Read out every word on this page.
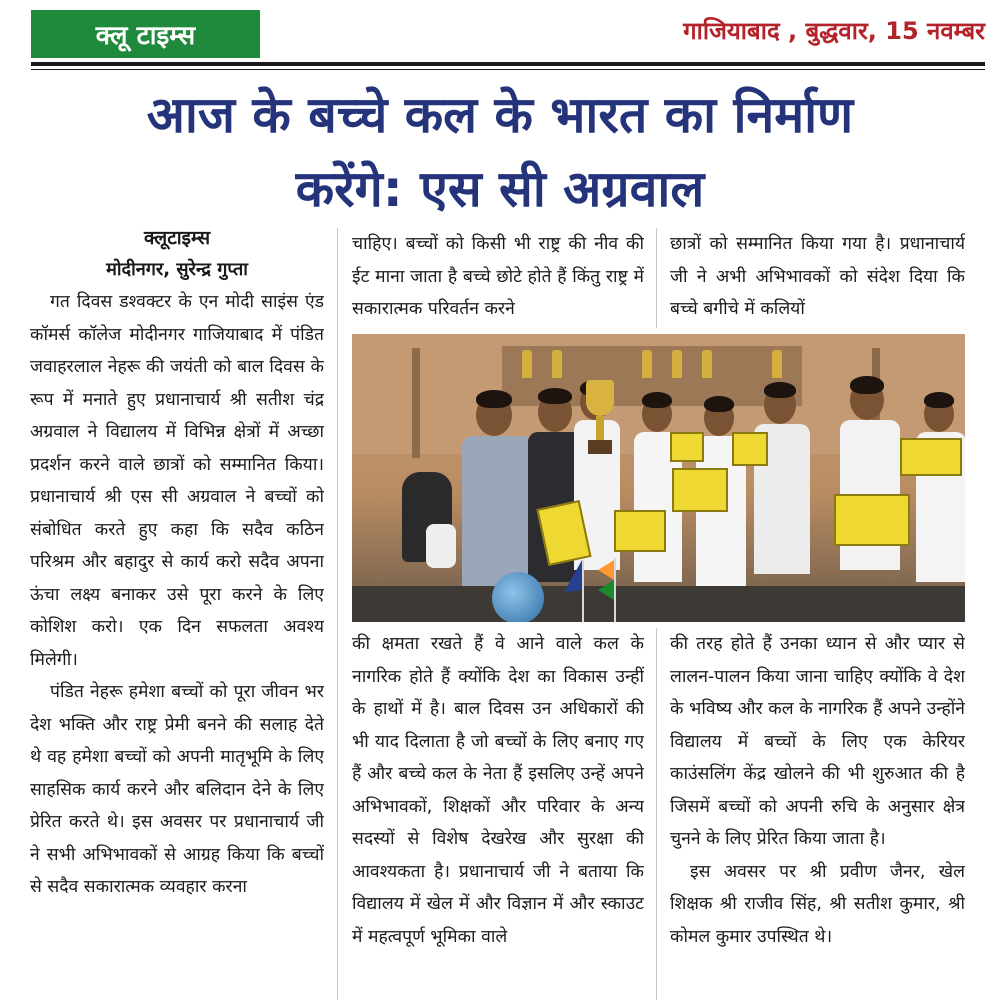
क्लू टाइम्स	गाजियाबाद , बुद्धवार, 15 नवम्बर
आज के बच्चे कल के भारत का निर्माण
करेंगे: एस सी अग्रवाल
क्लूटाइम्स
मोदीनगर, सुरेन्द्र गुप्ता

गत दिवस डश्वक्टर के एन मोदी साइंस एंड कॉमर्स कॉलेज मोदीनगर गाजियाबाद में पंडित जवाहरलाल नेहरू की जयंती को बाल दिवस के रूप में मनाते हुए प्रधानाचार्य श्री सतीश चंद्र अग्रवाल ने विद्यालय में विभिन्न क्षेत्रों में अच्छा प्रदर्शन करने वाले छात्रों को सम्मानित किया। प्रधानाचार्य श्री एस सी अग्रवाल ने बच्चों को संबोधित करते हुए कहा कि सदैव कठिन परिश्रम और बहादुर से कार्य करो सदैव अपना ऊंचा लक्ष्य बनाकर उसे पूरा करने के लिए कोशिश करो। एक दिन सफलता अवश्य मिलेगी।

पंडित नेहरू हमेशा बच्चों को पूरा जीवन भर देश भक्ति और राष्ट्र प्रेमी बनने की सलाह देते थे वह हमेशा बच्चों को अपनी मातृभूमि के लिए साहसिक कार्य करने और बलिदान देने के लिए प्रेरित करते थे। इस अवसर पर प्रधानाचार्य जी ने सभी अभिभावकों से आग्रह किया कि बच्चों से सदैव सकारात्मक व्यवहार करना

चाहिए। बच्चों को किसी भी राष्ट्र की नीव की ईट माना जाता है बच्चे छोटे होते हैं किंतु राष्ट्र में सकारात्मक परिवर्तन करने

छात्रों को सम्मानित किया गया है। प्रधानाचार्य जी ने अभी अभिभावकों को संदेश दिया कि बच्चे बगीचे में कलियों

की क्षमता रखते हैं वे आने वाले कल के नागरिक होते हैं क्योंकि देश का विकास उन्हीं के हाथों में है। बाल दिवस उन अधिकारों की भी याद दिलाता है जो बच्चों के लिए बनाए गए हैं और बच्चे कल के नेता हैं इसलिए उन्हें अपने अभिभावकों, शिक्षकों और परिवार के अन्य सदस्यों से विशेष देखरेख और सुरक्षा की आवश्यकता है। प्रधानाचार्य जी ने बताया कि विद्यालय में खेल में और विज्ञान में और स्काउट में महत्वपूर्ण भूमिका वाले

की तरह होते हैं उनका ध्यान से और प्यार से लालन-पालन किया जाना चाहिए क्योंकि वे देश के भविष्य और कल के नागरिक हैं अपने उन्होंने विद्यालय में बच्चों के लिए एक केरियर काउंसलिंग केंद्र खोलने की भी शुरुआत की है जिसमें बच्चों को अपनी रुचि के अनुसार क्षेत्र चुनने के लिए प्रेरित किया जाता है।

इस अवसर पर श्री प्रवीण जैनर, खेल शिक्षक श्री राजीव सिंह, श्री सतीश कुमार, श्री कोमल कुमार उपस्थित थे।
